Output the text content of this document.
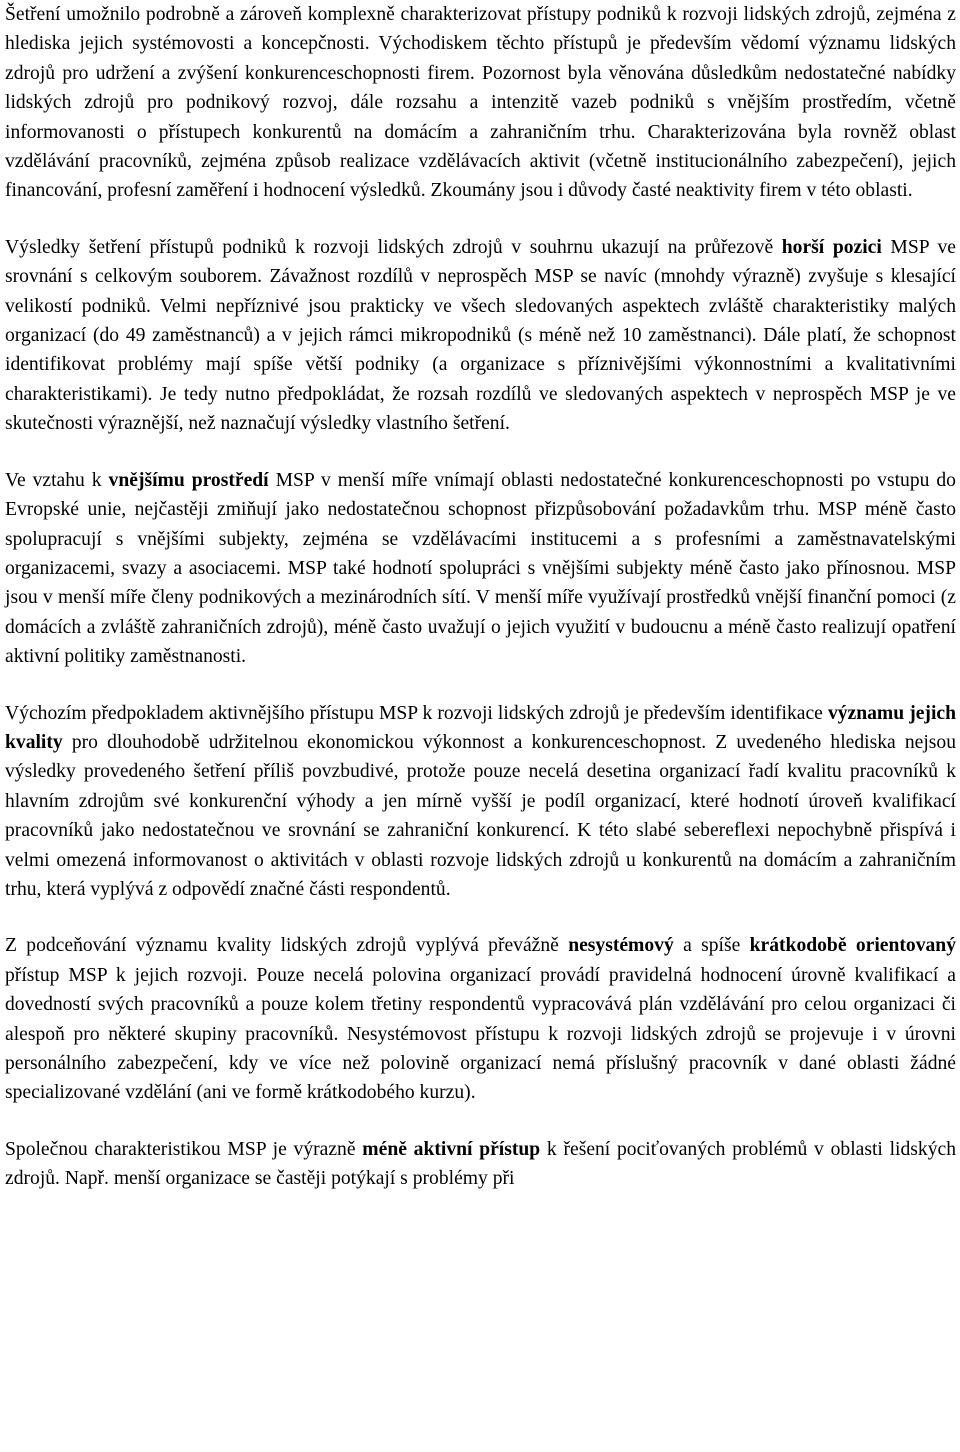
Šetření umožnilo podrobně a zároveň komplexně charakterizovat přístupy podniků k rozvoji lidských zdrojů, zejména z hlediska jejich systémovosti a koncepčnosti. Východiskem těchto přístupů je především vědomí významu lidských zdrojů pro udržení a zvýšení konkurenceschopnosti firem. Pozornost byla věnována důsledkům nedostatečné nabídky lidských zdrojů pro podnikový rozvoj, dále rozsahu a intenzitě vazeb podniků s vnějším prostředím, včetně informovanosti o přístupech konkurentů na domácím a zahraničním trhu. Charakterizována byla rovněž oblast vzdělávání pracovníků, zejména způsob realizace vzdělávacích aktivit (včetně institucionálního zabezpečení), jejich financování, profesní zaměření i hodnocení výsledků. Zkoumány jsou i důvody časté neaktivity firem v této oblasti.

Výsledky šetření přístupů podniků k rozvoji lidských zdrojů v souhrnu ukazují na průřezově horší pozici MSP ve srovnání s celkovým souborem. Závažnost rozdílů v neprospěch MSP se navíc (mnohdy výrazně) zvyšuje s klesající velikostí podniků. Velmi nepříznivé jsou prakticky ve všech sledovaných aspektech zvláště charakteristiky malých organizací (do 49 zaměstnanců) a v jejich rámci mikropodniků (s méně než 10 zaměstnanci). Dále platí, že schopnost identifikovat problémy mají spíše větší podniky (a organizace s příznivějšími výkonnostními a kvalitativními charakteristikami). Je tedy nutno předpokládat, že rozsah rozdílů ve sledovaných aspektech v neprospěch MSP je ve skutečnosti výraznější, než naznačují výsledky vlastního šetření.

Ve vztahu k vnějšímu prostředí MSP v menší míře vnímají oblasti nedostatečné konkurenceschopnosti po vstupu do Evropské unie, nejčastěji zmiňují jako nedostatečnou schopnost přizpůsobování požadavkům trhu. MSP méně často spolupracují s vnějšími subjekty, zejména se vzdělávacími institucemi a s profesními a zaměstnavatelskými organizacemi, svazy a asociacemi. MSP také hodnotí spolupráci s vnějšími subjekty méně často jako přínosnou. MSP jsou v menší míře členy podnikových a mezinárodních sítí. V menší míře využívají prostředků vnější finanční pomoci (z domácích a zvláště zahraničních zdrojů), méně často uvažují o jejich využití v budoucnu a méně často realizují opatření aktivní politiky zaměstnanosti.

Výchozím předpokladem aktivnějšího přístupu MSP k rozvoji lidských zdrojů je především identifikace významu jejich kvality pro dlouhodobě udržitelnou ekonomickou výkonnost a konkurenceschopnost. Z uvedeného hlediska nejsou výsledky provedeného šetření příliš povzbudivé, protože pouze necelá desetina organizací řadí kvalitu pracovníků k hlavním zdrojům své konkurenční výhody a jen mírně vyšší je podíl organizací, které hodnotí úroveň kvalifikací pracovníků jako nedostatečnou ve srovnání se zahraniční konkurencí. K této slabé sebereflexi nepochybně přispívá i velmi omezená informovanost o aktivitách v oblasti rozvoje lidských zdrojů u konkurentů na domácím a zahraničním trhu, která vyplývá z odpovědí značné části respondentů.

Z podceňování významu kvality lidských zdrojů vyplývá převážně nesystémový a spíše krátkodobě orientovaný přístup MSP k jejich rozvoji. Pouze necelá polovina organizací provádí pravidelná hodnocení úrovně kvalifikací a dovedností svých pracovníků a pouze kolem třetiny respondentů vypracovává plán vzdělávání pro celou organizaci či alespoň pro některé skupiny pracovníků. Nesystémovost přístupu k rozvoji lidských zdrojů se projevuje i v úrovni personálního zabezpečení, kdy ve více než polovině organizací nemá příslušný pracovník v dané oblasti žádné specializované vzdělání (ani ve formě krátkodobého kurzu).

Společnou charakteristikou MSP je výrazně méně aktivní přístup k řešení pociťovaných problémů v oblasti lidských zdrojů. Např. menší organizace se častěji potýkají s problémy při
